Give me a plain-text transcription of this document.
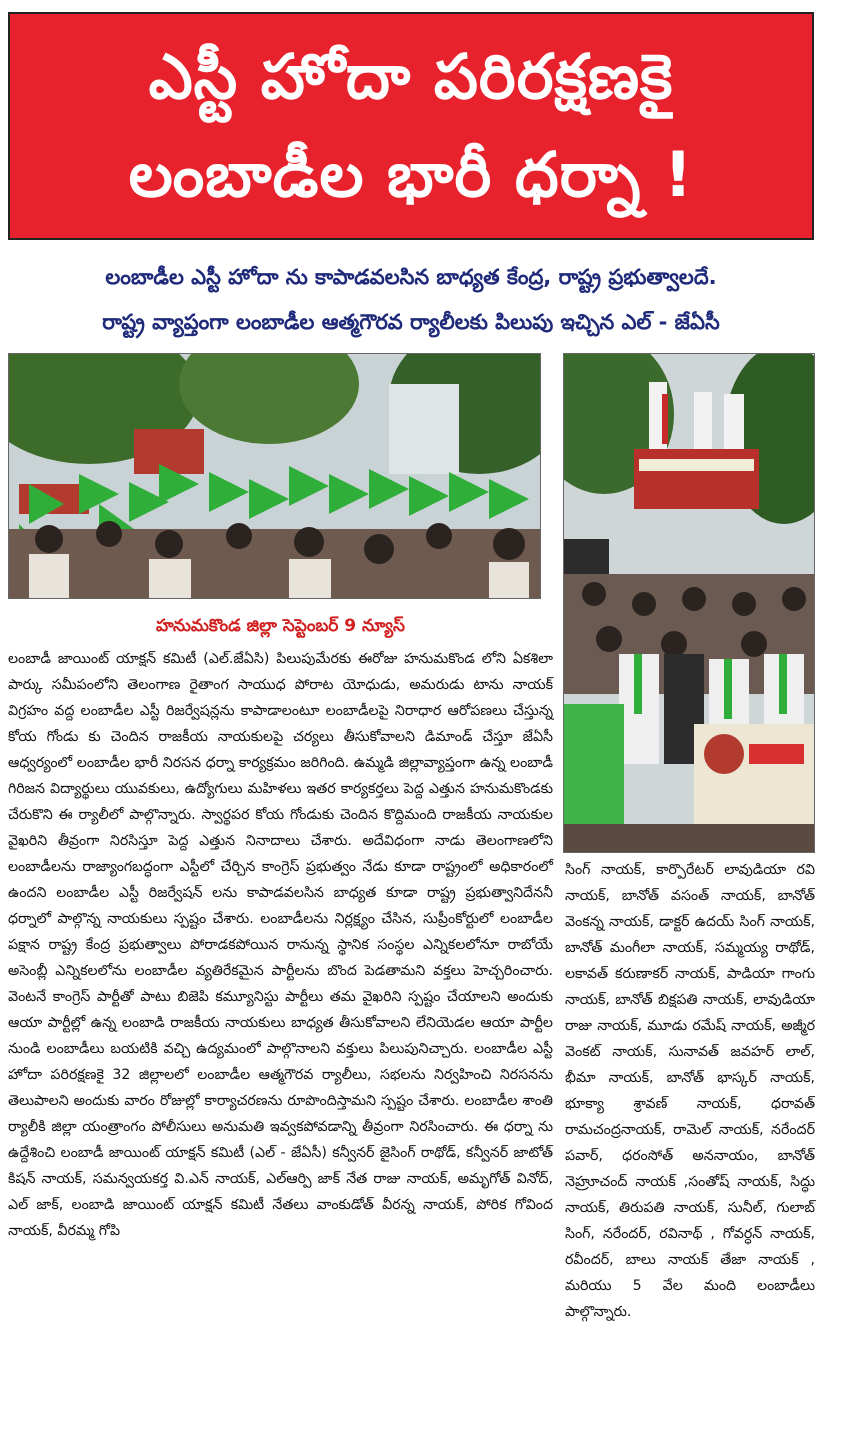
ఎస్టీ హోదా పరిరక్షణకై
లంబాడీల భారీ ధర్నా !
లంబాడీల ఎస్టీ హోదా ను కాపాడవలసిన బాధ్యత కేంద్ర, రాష్ట్ర ప్రభుత్వాలదే.
రాష్ట్ర వ్యాప్తంగా లంబాడీల ఆత్మగౌరవ ర్యాలీలకు పిలుపు ఇచ్చిన ఎల్ - జేఏసీ
హనుమకొండ జిల్లా సెప్టెంబర్ 9 న్యూస్
లంబాడీ జాయింట్ యాక్షన్ కమిటీ (ఎల్.జేఏసి) పిలుపుమేరకు ఈరోజు హనుమకొండ లోని ఏకశిలా పార్కు సమీపంలోని తెలంగాణ రైతాంగ సాయుధ పోరాట యోధుడు, అమరుడు టాను నాయక్ విగ్రహం వద్ద లంబాడీల ఎస్టీ రిజర్వేషన్లను కాపాడాలంటూ లంబాడీలపై నిరాధార ఆరోపణలు చేస్తున్న కోయ గోండు కు చెందిన రాజకీయ నాయకులపై చర్యలు తీసుకోవాలని డిమాండ్ చేస్తూ జేఏసీ ఆధ్వర్యంలో లంబాడీల భారీ నిరసన ధర్నా కార్యక్రమం జరిగింది. ఉమ్మడి జిల్లావ్యాప్తంగా ఉన్న లంబాడీ గిరిజన విద్యార్థులు యువకులు, ఉద్యోగులు మహిళలు ఇతర కార్యకర్తలు పెద్ద ఎత్తున హనుమకొండకు చేరుకొని ఈ ర్యాలీలో పాల్గొన్నారు. స్వార్థపర కోయ గోండుకు చెందిన కొద్దిమంది రాజకీయ నాయకుల వైఖరిని తీవ్రంగా నిరసిస్తూ పెద్ద ఎత్తున నినాదాలు చేశారు. అదేవిధంగా నాడు తెలంగాణలోని లంబాడీలను రాజ్యాంగబద్ధంగా ఎస్టీలో చేర్చిన కాంగ్రెస్ ప్రభుత్వం నేడు కూడా రాష్ట్రంలో అధికారంలో ఉందని లంబాడీల ఎస్టీ రిజర్వేషన్ లను కాపాడవలసిన బాధ్యత కూడా రాష్ట్ర ప్రభుత్వానిదేననీ ధర్నాలో పాల్గొన్న నాయకులు స్పష్టం చేశారు. లంబాడీలను నిర్లక్ష్యం చేసిన, సుప్రీంకోర్టులో లంబాడీల పక్షాన రాష్ట్ర కేంద్ర ప్రభుత్వాలు పోరాడకపోయిన రానున్న స్థానిక సంస్థల ఎన్నికలలోనూ రాబోయే అసెంబ్లీ ఎన్నికలలోను లంబాడీల వ్యతిరేకమైన పార్టీలను బొంద పెడతామని వక్తలు హెచ్చరించారు. వెంటనే కాంగ్రెస్ పార్టీతో పాటు బిజెపి కమ్యూనిస్టు పార్టీలు తమ వైఖరిని స్పష్టం చేయాలని అందుకు ఆయా పార్టీల్లో ఉన్న లంబాడి రాజకీయ నాయకులు బాధ్యత తీసుకోవాలని లేనియెడల ఆయా పార్టీల నుండి లంబాడీలు బయటికి వచ్చి ఉద్యమంలో పాల్గొనాలని వక్తులు పిలుపునిచ్చారు. లంబాడీల ఎస్టీ హోదా పరిరక్షణకై 32 జిల్లాలలో లంబాడీల ఆత్మగౌరవ ర్యాలీలు, సభలను నిర్వహించి నిరసనను తెలుపాలని అందుకు వారం రోజుల్లో కార్యాచరణను రూపొందిస్తామని స్పష్టం చేశారు. లంబాడీల శాంతి ర్యాలీకి జిల్లా యంత్రాంగం పోలీసులు అనుమతి ఇవ్వకపోవడాన్ని తీవ్రంగా నిరసించారు. ఈ ధర్నా ను ఉద్దేశించి లంబాడీ జాయింట్ యాక్షన్ కమిటీ (ఎల్ - జేఏసీ) కన్వీనర్ జైసింగ్ రాథోడ్, కన్వీనర్ జాటోత్ కిషన్ నాయక్, సమన్వయకర్త వి.ఎన్ నాయక్, ఎల్ఆర్పి జాక్ నేత రాజు నాయక్, అమృగోత్ వినోద్, ఎల్ జాక్, లంబాడి జాయింట్ యాక్షన్ కమిటీ నేతలు వాంకుడోత్ వీరన్న నాయక్, పోరిక గోవింద నాయక్, వీరమ్మ గోపి
సింగ్ నాయక్, కార్పొరేటర్ లావుడియా రవి నాయక్, బానోత్ వసంత్ నాయక్, బానోత్ వెంకన్న నాయక్, డాక్టర్ ఉదయ్ సింగ్ నాయక్, బానోత్ మంగీలా నాయక్, సమ్మయ్య రాథోడ్, లకావత్ కరుణాకర్ నాయక్, పాడియా గాంగు నాయక్, బానోత్ బిక్షపతి నాయక్, లావుడియా రాజు నాయక్, మూడు రమేష్ నాయక్, అజ్మీర వెంకట్ నాయక్, సునావత్ జవహర్ లాల్, భీమా నాయక్, బానోత్ భాస్కర్ నాయక్, భూక్యా శ్రావణ్ నాయక్, ధరావత్ రామచంద్రనాయక్, రామెల్ నాయక్, నరేందర్ పవార్, ధరంసోత్ అననాయం, బానోత్ నెహ్రూచంద్ నాయక్ ,సంతోష్ నాయక్, సిద్ధు నాయక్, తిరుపతి నాయక్, సునీల్, గులాబ్ సింగ్, నరేందర్, రవినాథ్ , గోవర్ధన్ నాయక్, రవీందర్, బాలు నాయక్ తేజా నాయక్ , మరియు 5 వేల మంది లంబాడీలు పాల్గొన్నారు.
